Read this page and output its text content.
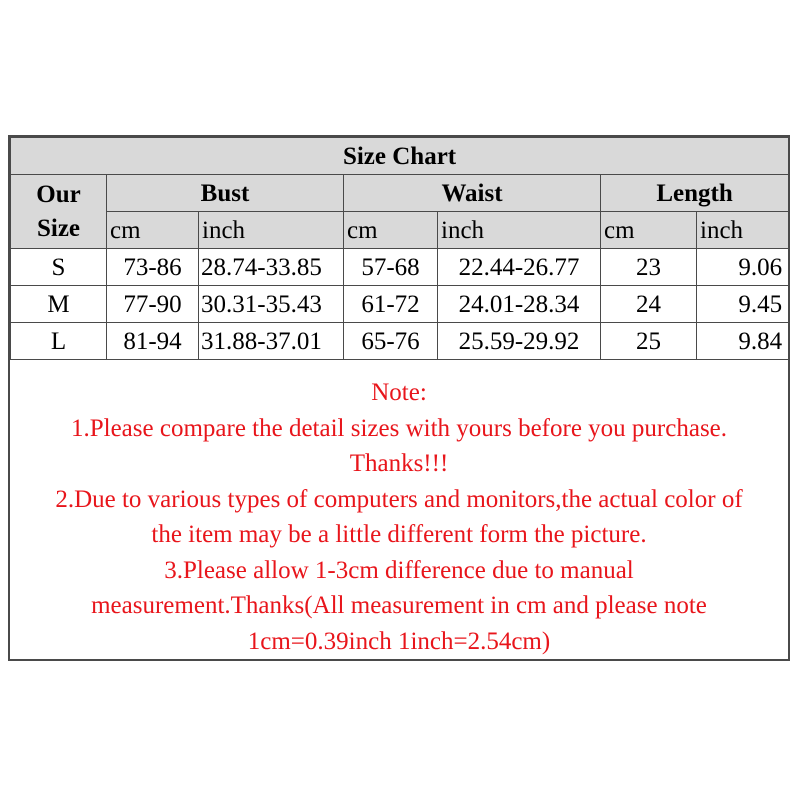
Size Chart						

Our
Size	Bust		Waist		Length	
	cm	inch	cm	inch	cm	inch
S	73-86	28.74-33.85	57-68	22.44-26.77	23	9.06
M	77-90	30.31-35.43	61-72	24.01-28.34	24	9.45
L	81-94	31.88-37.01	65-76	25.59-29.92	25	9.84
Note:
1.Please compare the detail sizes with yours before you purchase.
Thanks!!!
2.Due to various types of computers and monitors,the actual color of
the item may be a little different form the picture.
3.Please allow 1-3cm difference due to manual
measurement.Thanks(All measurement in cm and please note
1cm=0.39inch 1inch=2.54cm)
